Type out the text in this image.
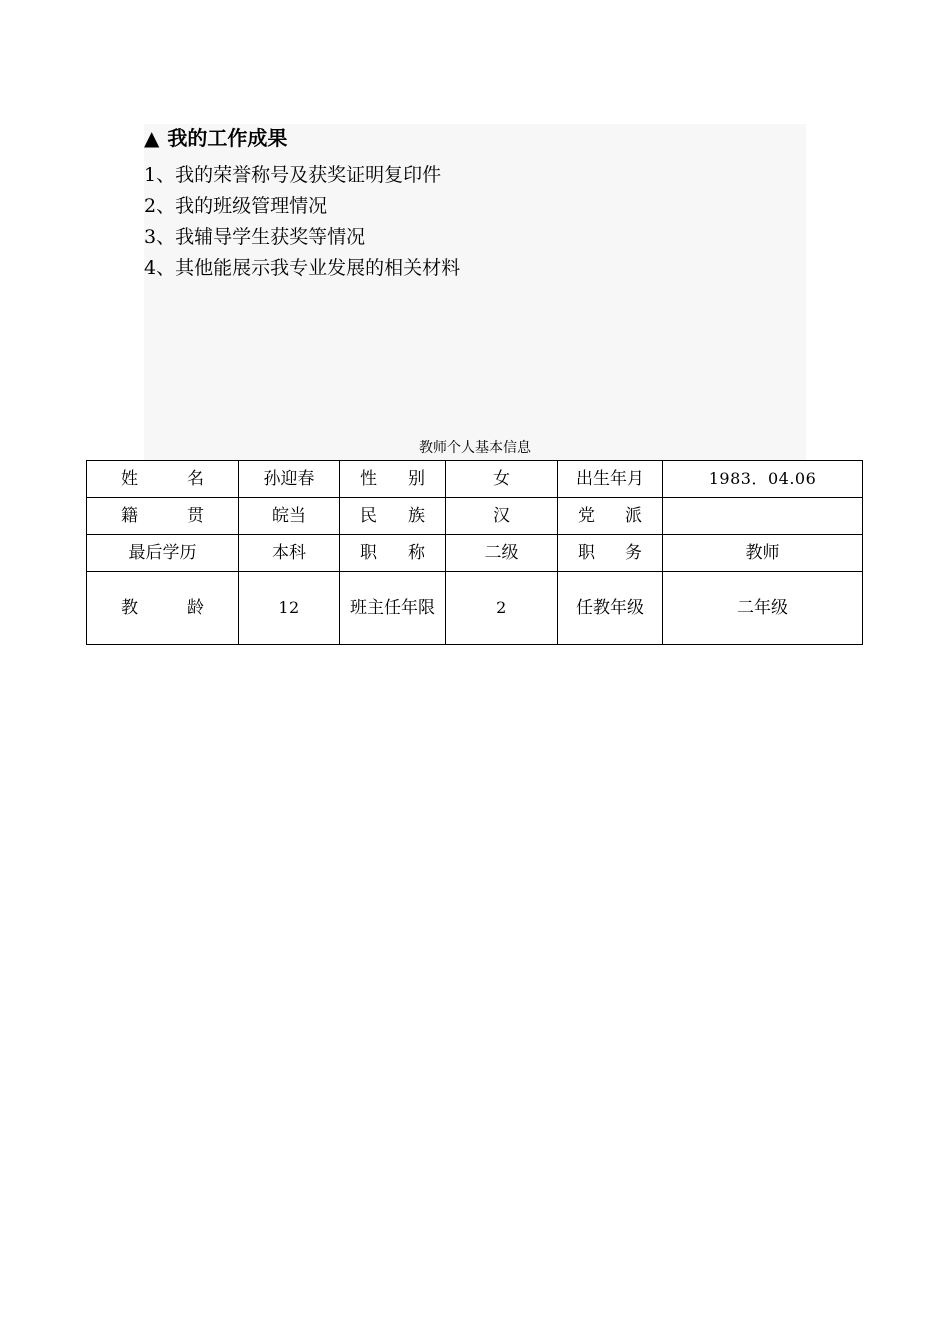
▲ 我的工作成果
1、我的荣誉称号及获奖证明复印件
2、我的班级管理情况
3、我辅导学生获奖等情况
4、其他能展示我专业发展的相关材料
教师个人基本信息
姓 名	孙迎春	性 别	女	出生年月	1983．04.06

籍 贯	皖当	民 族	汉	党 派	

最后学历	本科	职 称	二级	职 务	教师

教 龄	12	班主任年限	2	任教年级	二年级
